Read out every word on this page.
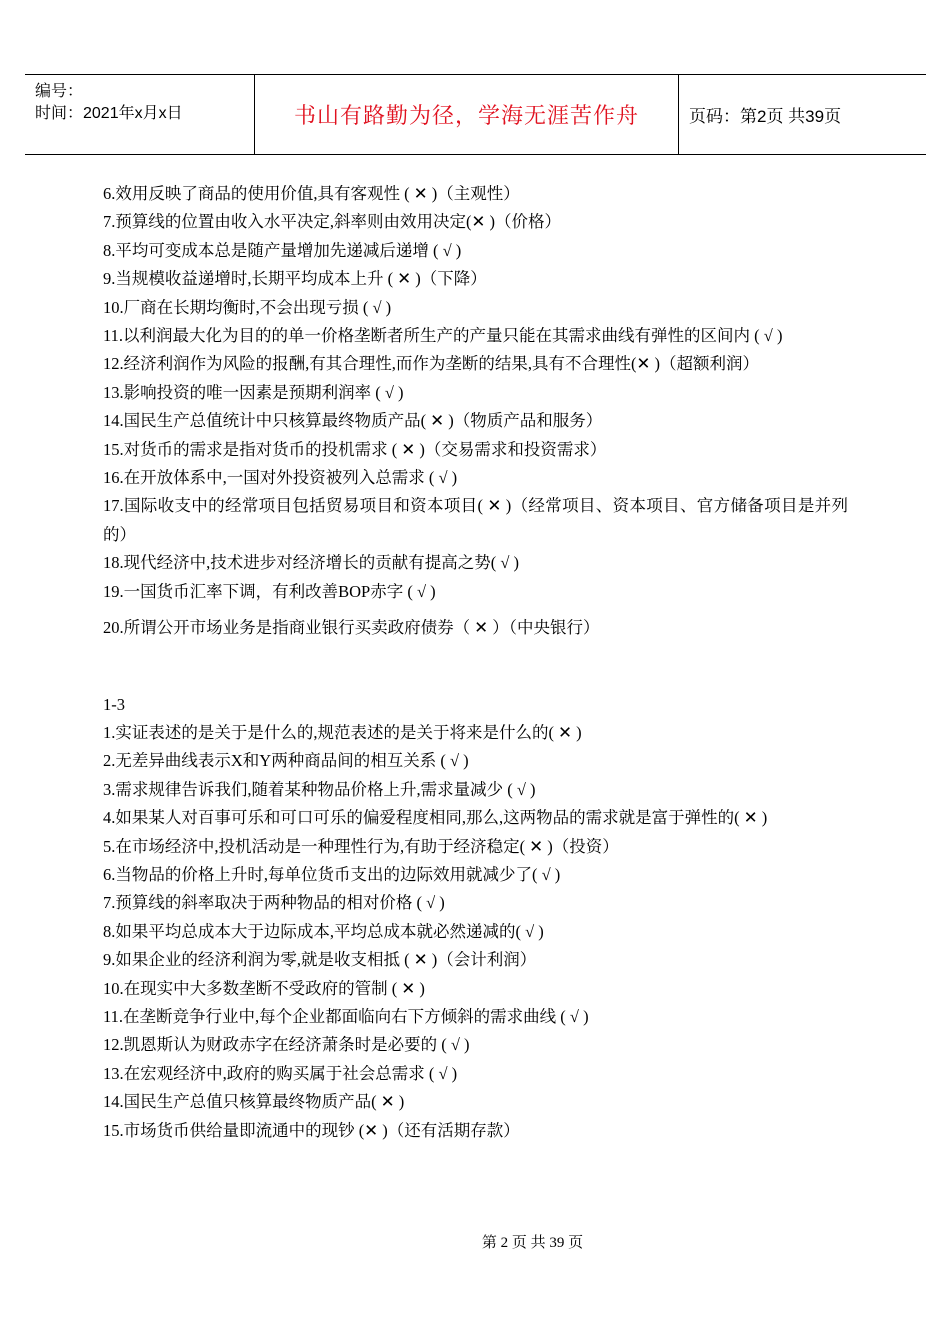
编号：
时间：2021年x月x日	书山有路勤为径，学海无涯苦作舟	页码：第2页 共39页
6.效用反映了商品的使用价值,具有客观性 ( ✕ )（主观性）
7.预算线的位置由收入水平决定,斜率则由效用决定(✕ )（价格）
8.平均可变成本总是随产量增加先递减后递增 ( √ )
9.当规模收益递增时,长期平均成本上升 ( ✕ )（下降）
10.厂商在长期均衡时,不会出现亏损 ( √ )
11.以利润最大化为目的的单一价格垄断者所生产的产量只能在其需求曲线有弹性的区间内 ( √ )
12.经济利润作为风险的报酬,有其合理性,而作为垄断的结果,具有不合理性(✕ )（超额利润）
13.影响投资的唯一因素是预期利润率 ( √ )
14.国民生产总值统计中只核算最终物质产品( ✕ )（物质产品和服务）
15.对货币的需求是指对货币的投机需求 ( ✕ )（交易需求和投资需求）
16.在开放体系中,一国对外投资被列入总需求 ( √ )
17.国际收支中的经常项目包括贸易项目和资本项目( ✕ )（经常项目、资本项目、官方储备项目是并列的）
18.现代经济中,技术进步对经济增长的贡献有提高之势( √ )
19.一国货币汇率下调，有利改善BOP赤字 ( √ )
20.所谓公开市场业务是指商业银行买卖政府债券（ ✕ ）（中央银行）
1-3
1.实证表述的是关于是什么的,规范表述的是关于将来是什么的( ✕ )
2.无差异曲线表示X和Y两种商品间的相互关系 ( √ )
3.需求规律告诉我们,随着某种物品价格上升,需求量减少 ( √ )
4.如果某人对百事可乐和可口可乐的偏爱程度相同,那么,这两物品的需求就是富于弹性的( ✕ )
5.在市场经济中,投机活动是一种理性行为,有助于经济稳定( ✕ )（投资）
6.当物品的价格上升时,每单位货币支出的边际效用就减少了( √ )
7.预算线的斜率取决于两种物品的相对价格 ( √ )
8.如果平均总成本大于边际成本,平均总成本就必然递减的( √ )
9.如果企业的经济利润为零,就是收支相抵 ( ✕ )（会计利润）
10.在现实中大多数垄断不受政府的管制 ( ✕ )
11.在垄断竞争行业中,每个企业都面临向右下方倾斜的需求曲线 ( √ )
12.凯恩斯认为财政赤字在经济萧条时是必要的 ( √ )
13.在宏观经济中,政府的购买属于社会总需求 ( √ )
14.国民生产总值只核算最终物质产品( ✕ )
15.市场货币供给量即流通中的现钞 (✕ )（还有活期存款）
第 2 页 共 39 页
